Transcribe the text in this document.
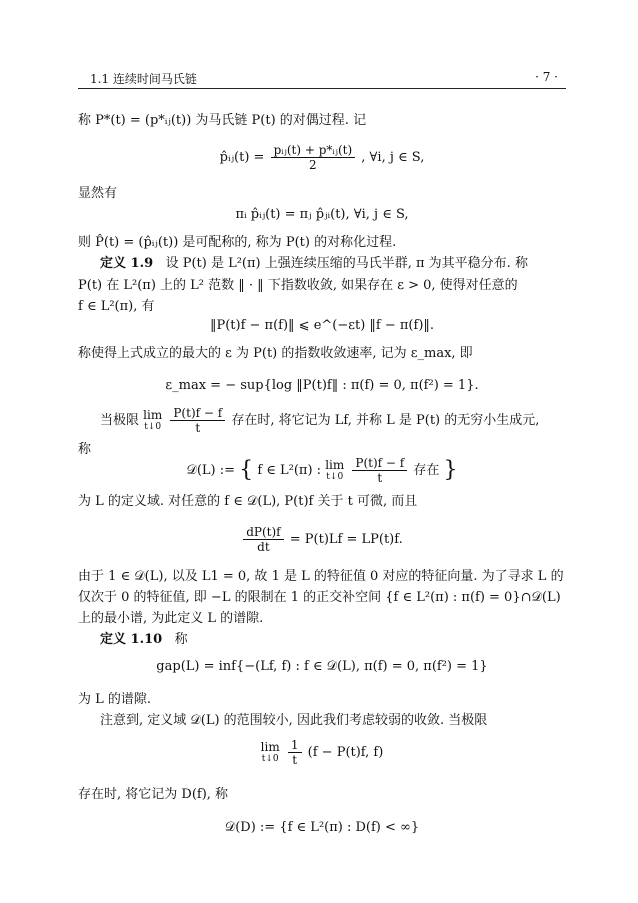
1.1 连续时间马氏链	· 7 ·
称 P*(t) = (p*ᵢⱼ(t)) 为马氏链 P(t) 的对偶过程. 记
p̂ᵢⱼ(t) = $\frac{\text{pᵢⱼ(t) + p*ᵢⱼ(t)}}{2}$ , ∀i, j ∈ S,
显然有
πᵢ p̂ᵢⱼ(t) = πⱼ p̂ⱼᵢ(t), ∀i, j ∈ S,
则 P̂(t) = (p̂ᵢⱼ(t)) 是可配称的, 称为 P(t) 的对称化过程.
定义 1.9 设 P(t) 是 L²(π) 上强连续压缩的马氏半群, π 为其平稳分布. 称
P(t) 在 L²(π) 上的 L² 范数 ‖ · ‖ 下指数收敛, 如果存在 ε > 0, 使得对任意的
f ∈ L²(π), 有
‖P(t)f − π(f)‖ ⩽ e^(−εt) ‖f − π(f)‖.
称使得上式成立的最大的 ε 为 P(t) 的指数收敛速率, 记为 ε_max, 即
ε_max = − sup{log ‖P(t)f‖ : π(f) = 0, π(f²) = 1}.
当极限 lim
t↓0
$\frac{P(t)f - f}{t}$ 存在时, 将它记为 Lf, 并称 L 是 P(t) 的无穷小生成元,
称
𝒟(L) := { f ∈ L²(π) : lim
t↓0
$\frac{P(t)f - f}{t}$ 存在 }
为 L 的定义域. 对任意的 f ∈ 𝒟(L), P(t)f 关于 t 可微, 而且
$\frac{dP(t)f}{dt} = P(t)Lf = LP(t)f$.
由于 1 ∈ 𝒟(L), 以及 L1 = 0, 故 1 是 L 的特征值 0 对应的特征向量. 为了寻求 L 的
仅次于 0 的特征值, 即 −L 的限制在 1 的正交补空间 {f ∈ L²(π) : π(f) = 0}∩𝒟(L)
上的最小谱, 为此定义 L 的谱隙.
定义 1.10 称
gap(L) = inf{−(Lf, f) : f ∈ 𝒟(L), π(f) = 0, π(f²) = 1}
为 L 的谱隙.
注意到, 定义域 𝒟(L) 的范围较小, 因此我们考虑较弱的收敛. 当极限
lim
t↓0
$\frac{1}{t} (f - P(t)f$, f)
存在时, 将它记为 D(f), 称
𝒟(D) := {f ∈ L²(π) : D(f) < ∞}
